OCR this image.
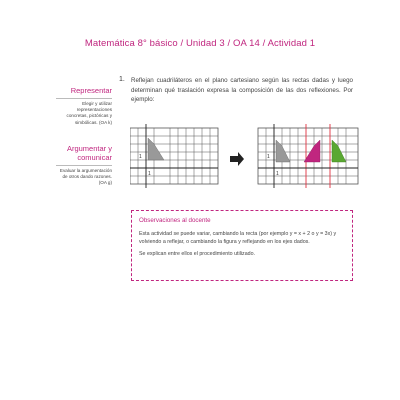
Matemática 8° básico / Unidad 3 / OA 14 / Actividad 1
Representar
Elegir y utilizar representaciones concretas, pictóricas y simbólicas. (OA k)
Argumentar y comunicar
Evaluar la argumentación de otros dando razones. (OA g)
1. Reflejan cuadriláteros en el plano cartesiano según las rectas dadas y luego determinan qué traslación expresa la composición de las dos reflexiones. Por ejemplo:
1
1
1
1
Observaciones al docente
Esta actividad se puede variar, cambiando la recta (por ejemplo y = x + 2 o y = 3x) y volviendo a reflejar, o cambiando la figura y reflejando en los ejes dados.
Se explican entre ellos el procedimiento utilizado.
